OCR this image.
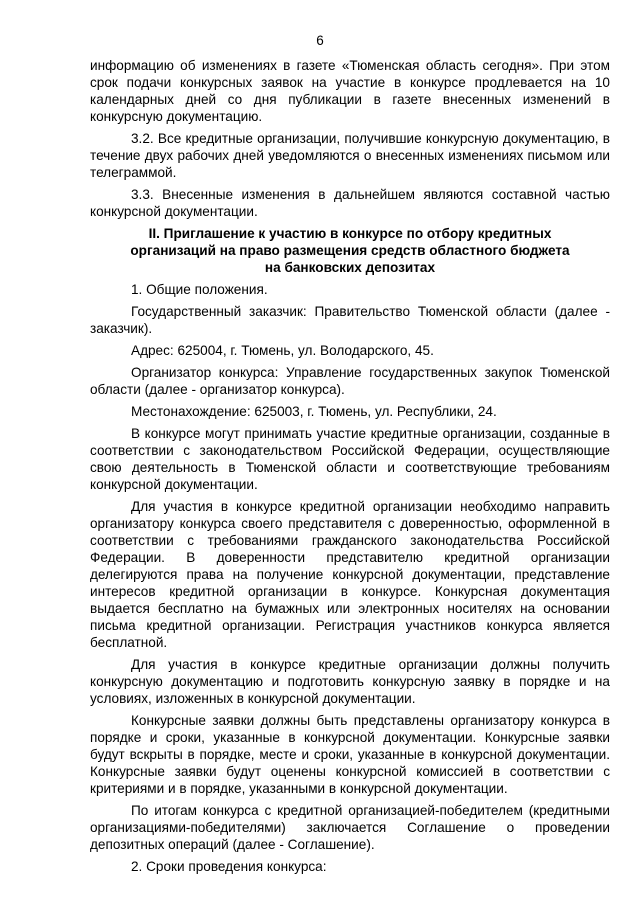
6

информацию об изменениях в газете «Тюменская область сегодня». При этом срок подачи конкурсных заявок на участие в конкурсе продлевается на 10 календарных дней со дня публикации в газете внесенных изменений в конкурсную документацию.

3.2. Все кредитные организации, получившие конкурсную документацию, в течение двух рабочих дней уведомляются о внесенных изменениях письмом или телеграммой.

3.3. Внесенные изменения в дальнейшем являются составной частью конкурсной документации.

II. Приглашение к участию в конкурсе по отбору кредитных
организаций на право размещения средств областного бюджета
на банковских депозитах

1. Общие положения.

Государственный заказчик: Правительство Тюменской области (далее - заказчик).

Адрес: 625004, г. Тюмень, ул. Володарского, 45.

Организатор конкурса: Управление государственных закупок Тюменской области (далее - организатор конкурса).

Местонахождение: 625003, г. Тюмень, ул. Республики, 24.

В конкурсе могут принимать участие кредитные организации, созданные в соответствии с законодательством Российской Федерации, осуществляющие свою деятельность в Тюменской области и соответствующие требованиям конкурсной документации.

Для участия в конкурсе кредитной организации необходимо направить организатору конкурса своего представителя с доверенностью, оформленной в соответствии с требованиями гражданского законодательства Российской Федерации. В доверенности представителю кредитной организации делегируются права на получение конкурсной документации, представление интересов кредитной организации в конкурсе. Конкурсная документация выдается бесплатно на бумажных или электронных носителях на основании письма кредитной организации. Регистрация участников конкурса является бесплатной.

Для участия в конкурсе кредитные организации должны получить конкурсную документацию и подготовить конкурсную заявку в порядке и на условиях, изложенных в конкурсной документации.

Конкурсные заявки должны быть представлены организатору конкурса в порядке и сроки, указанные в конкурсной документации. Конкурсные заявки будут вскрыты в порядке, месте и сроки, указанные в конкурсной документации. Конкурсные заявки будут оценены конкурсной комиссией в соответствии с критериями и в порядке, указанными в конкурсной документации.

По итогам конкурса с кредитной организацией-победителем (кредитными организациями-победителями) заключается Соглашение о проведении депозитных операций (далее - Соглашение).

2. Сроки проведения конкурса:
